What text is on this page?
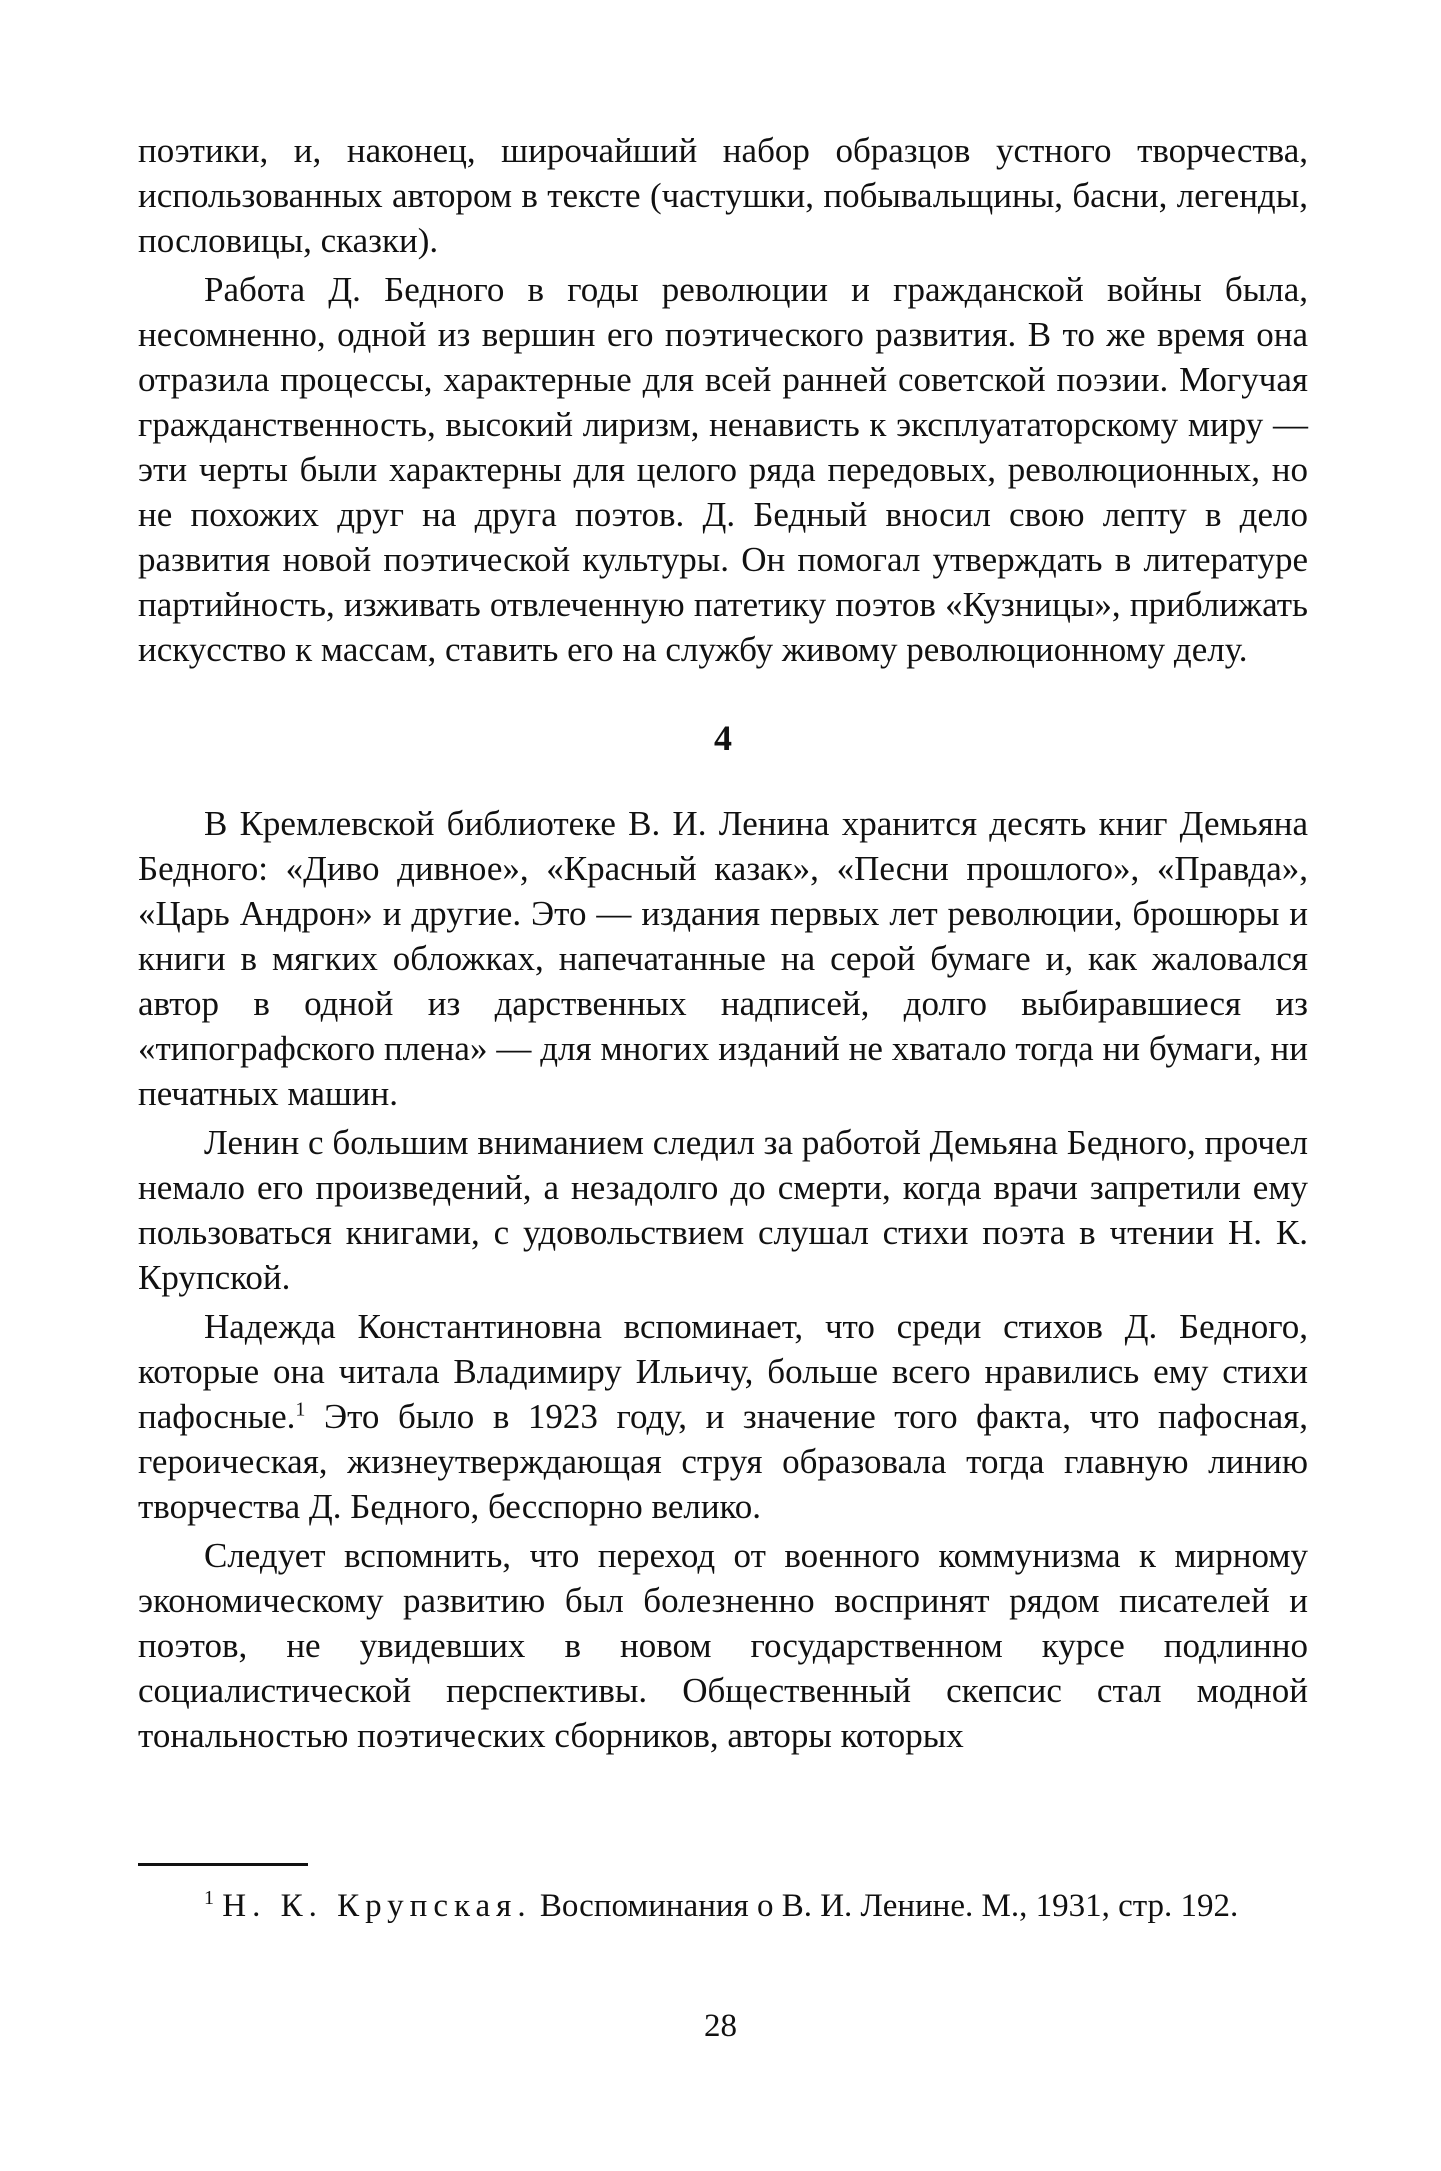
поэтики, и, наконец, широчайший набор образцов устного творчества, использованных автором в тексте (частушки, побывальщины, басни, легенды, пословицы, сказки).

Работа Д. Бедного в годы революции и гражданской войны была, несомненно, одной из вершин его поэтического развития. В то же время она отразила процессы, характерные для всей ранней советской поэзии. Могучая гражданственность, высокий лиризм, ненависть к эксплуататорскому миру — эти черты были характерны для целого ряда передовых, революционных, но не похожих друг на друга поэтов. Д. Бедный вносил свою лепту в дело развития новой поэтической культуры. Он помогал утверждать в литературе партийность, изживать отвлеченную патетику поэтов «Кузницы», приближать искусство к массам, ставить его на службу живому революционному делу.

4

В Кремлевской библиотеке В. И. Ленина хранится десять книг Демьяна Бедного: «Диво дивное», «Красный казак», «Песни прошлого», «Правда», «Царь Андрон» и другие. Это — издания первых лет революции, брошюры и книги в мягких обложках, напечатанные на серой бумаге и, как жаловался автор в одной из дарственных надписей, долго выбиравшиеся из «типографского плена» — для многих изданий не хватало тогда ни бумаги, ни печатных машин.

Ленин с большим вниманием следил за работой Демьяна Бедного, прочел немало его произведений, а незадолго до смерти, когда врачи запретили ему пользоваться книгами, с удовольствием слушал стихи поэта в чтении Н. К. Крупской.

Надежда Константиновна вспоминает, что среди стихов Д. Бедного, которые она читала Владимиру Ильичу, больше всего нравились ему стихи пафосные.$^1$ Это было в 1923 году, и значение того факта, что пафосная, героическая, жизнеутверждающая струя образовала тогда главную линию творчества Д. Бедного, бесспорно велико.

Следует вспомнить, что переход от военного коммунизма к мирному экономическому развитию был болезненно воспринят рядом писателей и поэтов, не увидевших в новом государственном курсе подлинно социалистической перспективы. Общественный скепсис стал модной тональностью поэтических сборников, авторы которых

$^1$ Н. К. Крупская. Воспоминания о В. И. Ленине. М., 1931, стр. 192.

28
